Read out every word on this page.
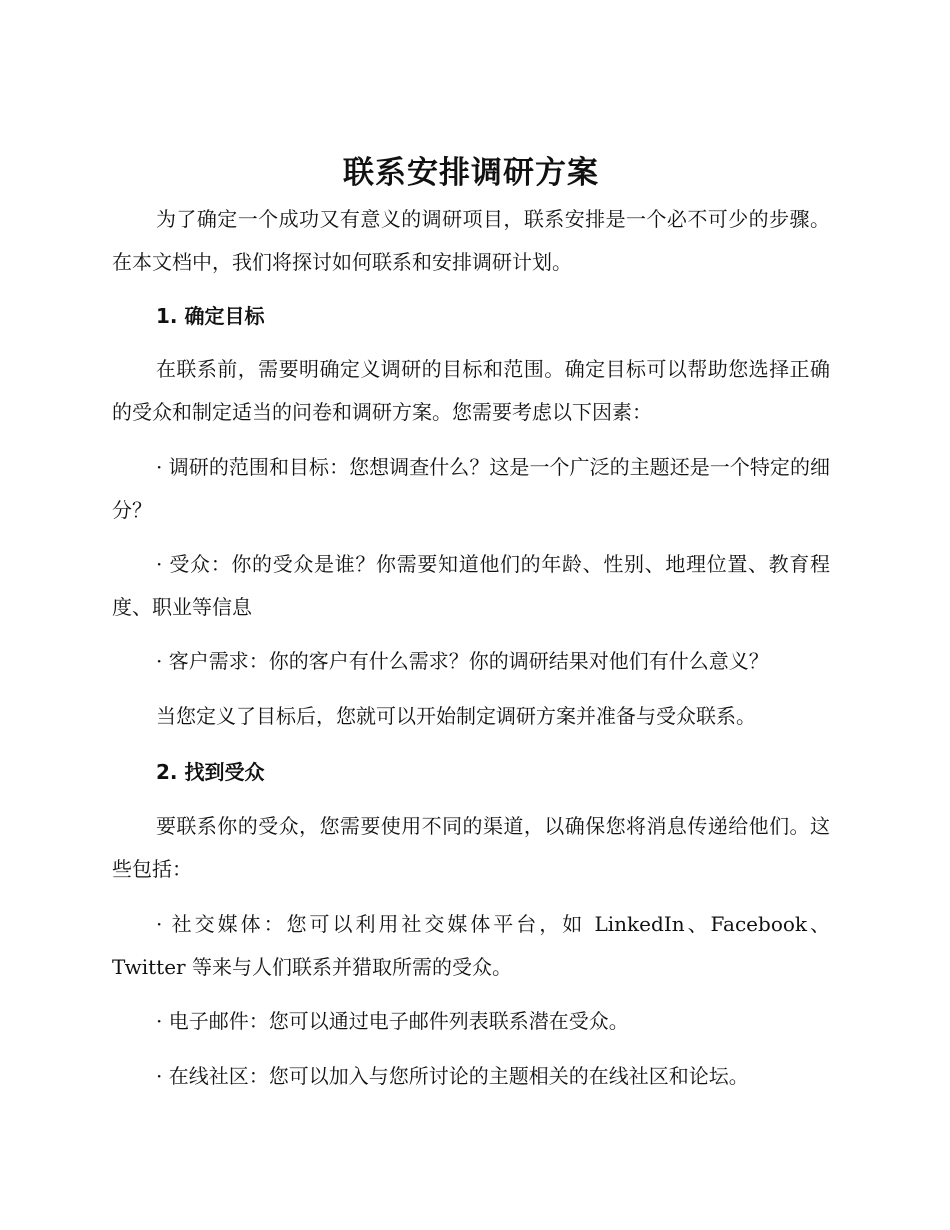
联系安排调研方案

为了确定一个成功又有意义的调研项目，联系安排是一个必不可少的步骤。在本文档中，我们将探讨如何联系和安排调研计划。

1. 确定目标

在联系前，需要明确定义调研的目标和范围。确定目标可以帮助您选择正确的受众和制定适当的问卷和调研方案。您需要考虑以下因素：

· 调研的范围和目标：您想调查什么？这是一个广泛的主题还是一个特定的细分？

· 受众：你的受众是谁？你需要知道他们的年龄、性别、地理位置、教育程度、职业等信息

· 客户需求：你的客户有什么需求？你的调研结果对他们有什么意义？

当您定义了目标后，您就可以开始制定调研方案并准备与受众联系。

2. 找到受众

要联系你的受众，您需要使用不同的渠道，以确保您将消息传递给他们。这些包括：

· 社交媒体：您可以利用社交媒体平台，如 LinkedIn、Facebook、Twitter 等来与人们联系并猎取所需的受众。

· 电子邮件：您可以通过电子邮件列表联系潜在受众。

· 在线社区：您可以加入与您所讨论的主题相关的在线社区和论坛。
